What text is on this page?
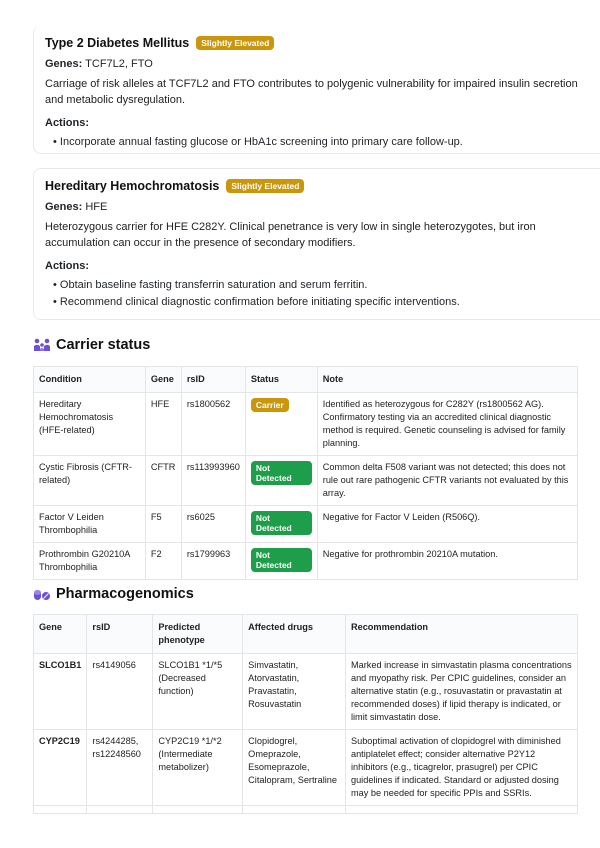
Type 2 Diabetes Mellitus	Slightly Elevated
Genes: TCF7L2, FTO
Carriage of risk alleles at TCF7L2 and FTO contributes to polygenic vulnerability for impaired insulin secretion and metabolic dysregulation.
Actions:
• Incorporate annual fasting glucose or HbA1c screening into primary care follow-up.
Hereditary Hemochromatosis	Slightly Elevated
Genes: HFE
Heterozygous carrier for HFE C282Y. Clinical penetrance is very low in single heterozygotes, but iron accumulation can occur in the presence of secondary modifiers.
Actions:
• Obtain baseline fasting transferrin saturation and serum ferritin.
• Recommend clinical diagnostic confirmation before initiating specific interventions.
Carrier status
Condition	Gene	rsID	Status	Note
Hereditary Hemochromatosis (HFE-related)	HFE	rs1800562	Carrier	Identified as heterozygous for C282Y (rs1800562 AG). Confirmatory testing via an accredited clinical diagnostic method is required. Genetic counseling is advised for family planning.
Cystic Fibrosis (CFTR-related)	CFTR	rs113993960	Not Detected	Common delta F508 variant was not detected; this does not rule out rare pathogenic CFTR variants not evaluated by this array.
Factor V Leiden Thrombophilia	F5	rs6025	Not Detected	Negative for Factor V Leiden (R506Q).
Prothrombin G20210A Thrombophilia	F2	rs1799963	Not Detected	Negative for prothrombin 20210A mutation.
Pharmacogenomics
Gene	rsID	Predicted phenotype	Affected drugs	Recommendation
SLCO1B1	rs4149056	SLCO1B1 *1/*5 (Decreased function)	Simvastatin, Atorvastatin, Pravastatin, Rosuvastatin	Marked increase in simvastatin plasma concentrations and myopathy risk. Per CPIC guidelines, consider an alternative statin (e.g., rosuvastatin or pravastatin at recommended doses) if lipid therapy is indicated, or limit simvastatin dose.
CYP2C19	rs4244285, rs12248560	CYP2C19 *1/*2 (Intermediate metabolizer)	Clopidogrel, Omeprazole, Esomeprazole, Citalopram, Sertraline	Suboptimal activation of clopidogrel with diminished antiplatelet effect; consider alternative P2Y12 inhibitors (e.g., ticagrelor, prasugrel) per CPIC guidelines if indicated. Standard or adjusted dosing may be needed for specific PPIs and SSRIs.
